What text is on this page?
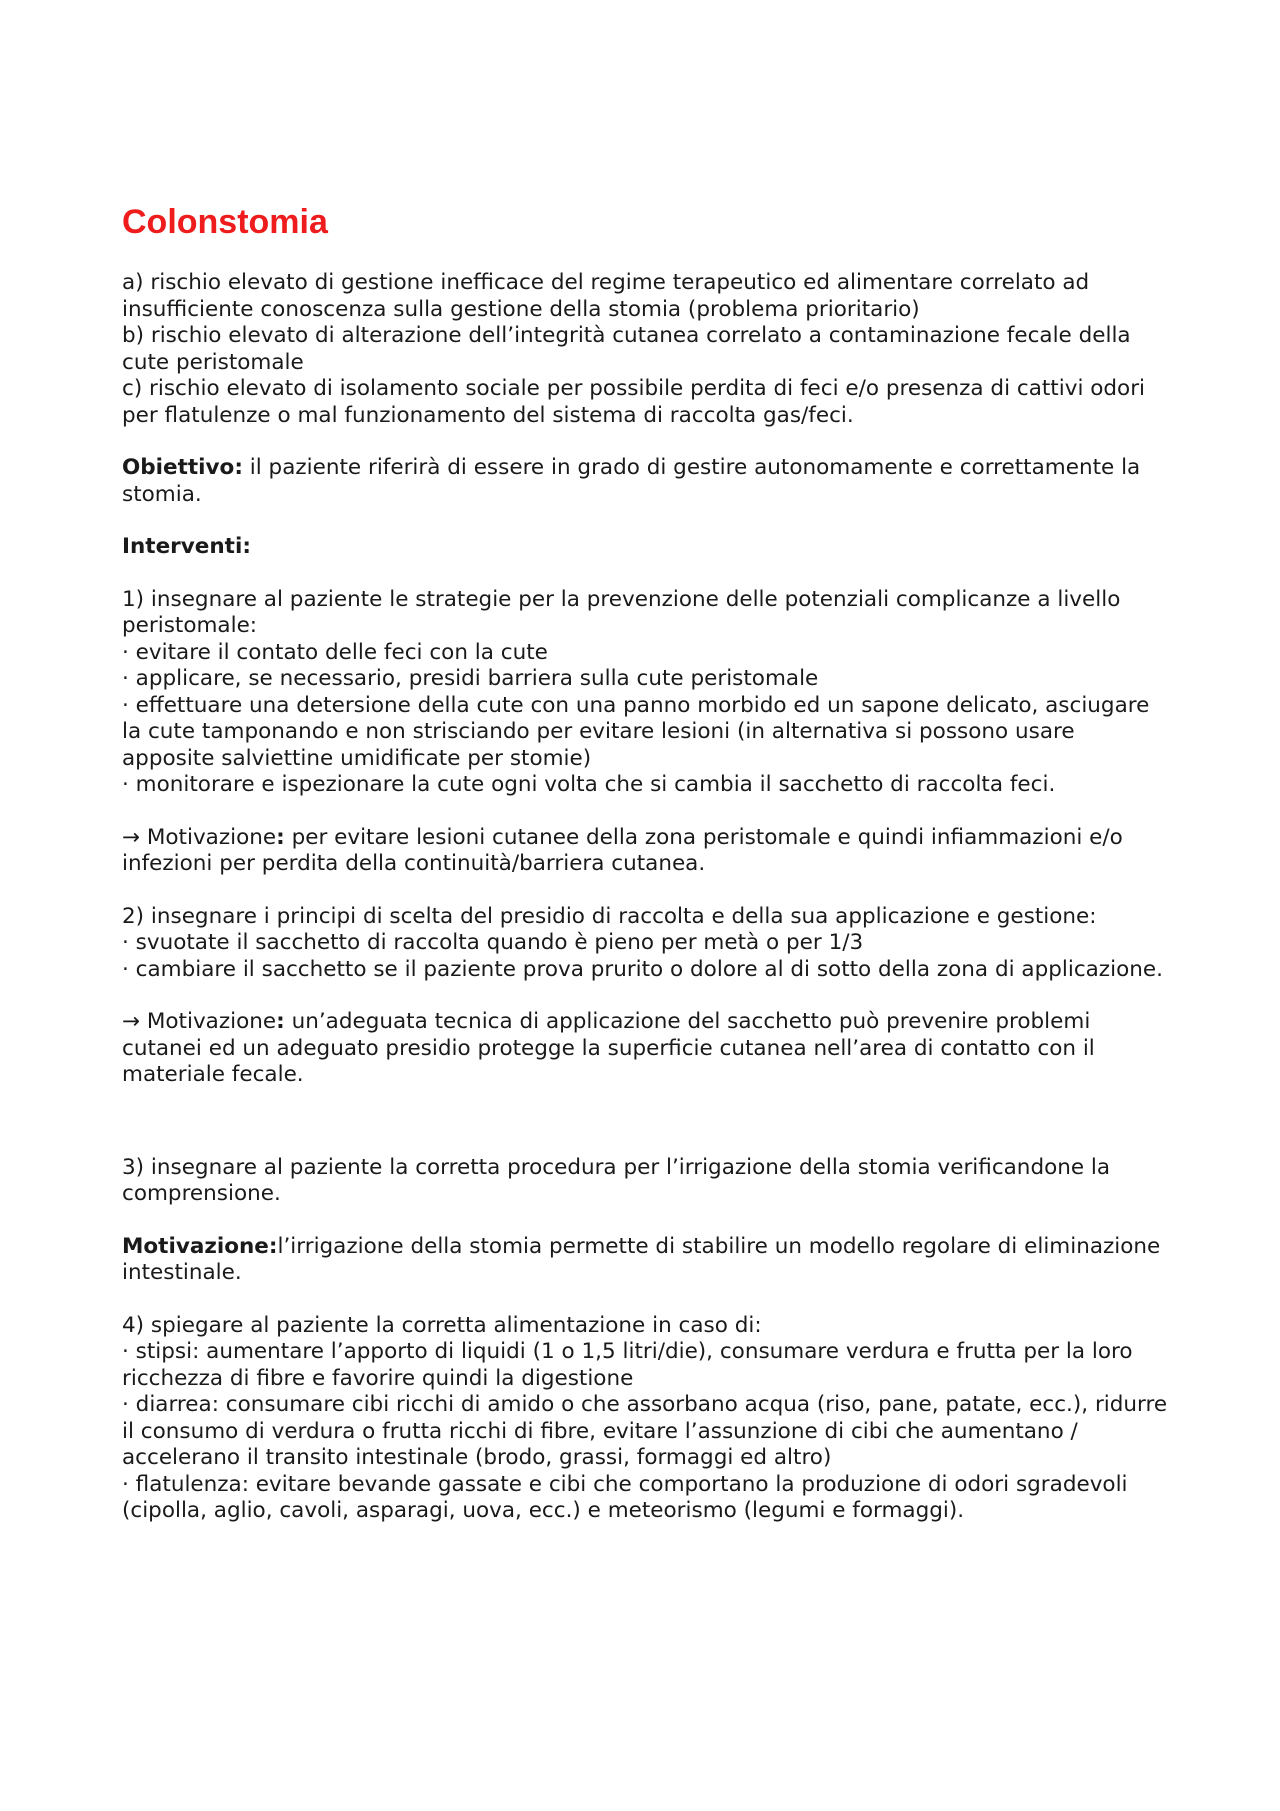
Colonstomia

a) rischio elevato di gestione inefficace del regime terapeutico ed alimentare correlato ad insufficiente conoscenza sulla gestione della stomia (problema prioritario)

b) rischio elevato di alterazione dell’integrità cutanea correlato a contaminazione fecale della cute peristomale

c) rischio elevato di isolamento sociale per possibile perdita di feci e/o presenza di cattivi odori per flatulenze o mal funzionamento del sistema di raccolta gas/feci.

Obiettivo: il paziente riferirà di essere in grado di gestire autonomamente e correttamente la stomia.

Interventi:

1) insegnare al paziente le strategie per la prevenzione delle potenziali complicanze a livello peristomale:

· evitare il contato delle feci con la cute

· applicare, se necessario, presidi barriera sulla cute peristomale

· effettuare una detersione della cute con una panno morbido ed un sapone delicato, asciugare la cute tamponando e non strisciando per evitare lesioni (in alternativa si possono usare apposite salviettine umidificate per stomie)

· monitorare e ispezionare la cute ogni volta che si cambia il sacchetto di raccolta feci.

→ Motivazione: per evitare lesioni cutanee della zona peristomale e quindi infiammazioni e/o infezioni per perdita della continuità/barriera cutanea.

2) insegnare i principi di scelta del presidio di raccolta e della sua applicazione e gestione:

· svuotate il sacchetto di raccolta quando è pieno per metà o per 1/3

· cambiare il sacchetto se il paziente prova prurito o dolore al di sotto della zona di applicazione.

→ Motivazione: un’adeguata tecnica di applicazione del sacchetto può prevenire problemi cutanei ed un adeguato presidio protegge la superficie cutanea nell’area di contatto con il materiale fecale.

3) insegnare al paziente la corretta procedura per l’irrigazione della stomia verificandone la comprensione.

Motivazione:l’irrigazione della stomia permette di stabilire un modello regolare di eliminazione intestinale.

4) spiegare al paziente la corretta alimentazione in caso di:

· stipsi: aumentare l’apporto di liquidi (1 o 1,5 litri/die), consumare verdura e frutta per la loro ricchezza di fibre e favorire quindi la digestione

· diarrea: consumare cibi ricchi di amido o che assorbano acqua (riso, pane, patate, ecc.), ridurre il consumo di verdura o frutta ricchi di fibre, evitare l’assunzione di cibi che aumentano / accelerano il transito intestinale (brodo, grassi, formaggi ed altro)

· flatulenza: evitare bevande gassate e cibi che comportano la produzione di odori sgradevoli (cipolla, aglio, cavoli, asparagi, uova, ecc.) e meteorismo (legumi e formaggi).
